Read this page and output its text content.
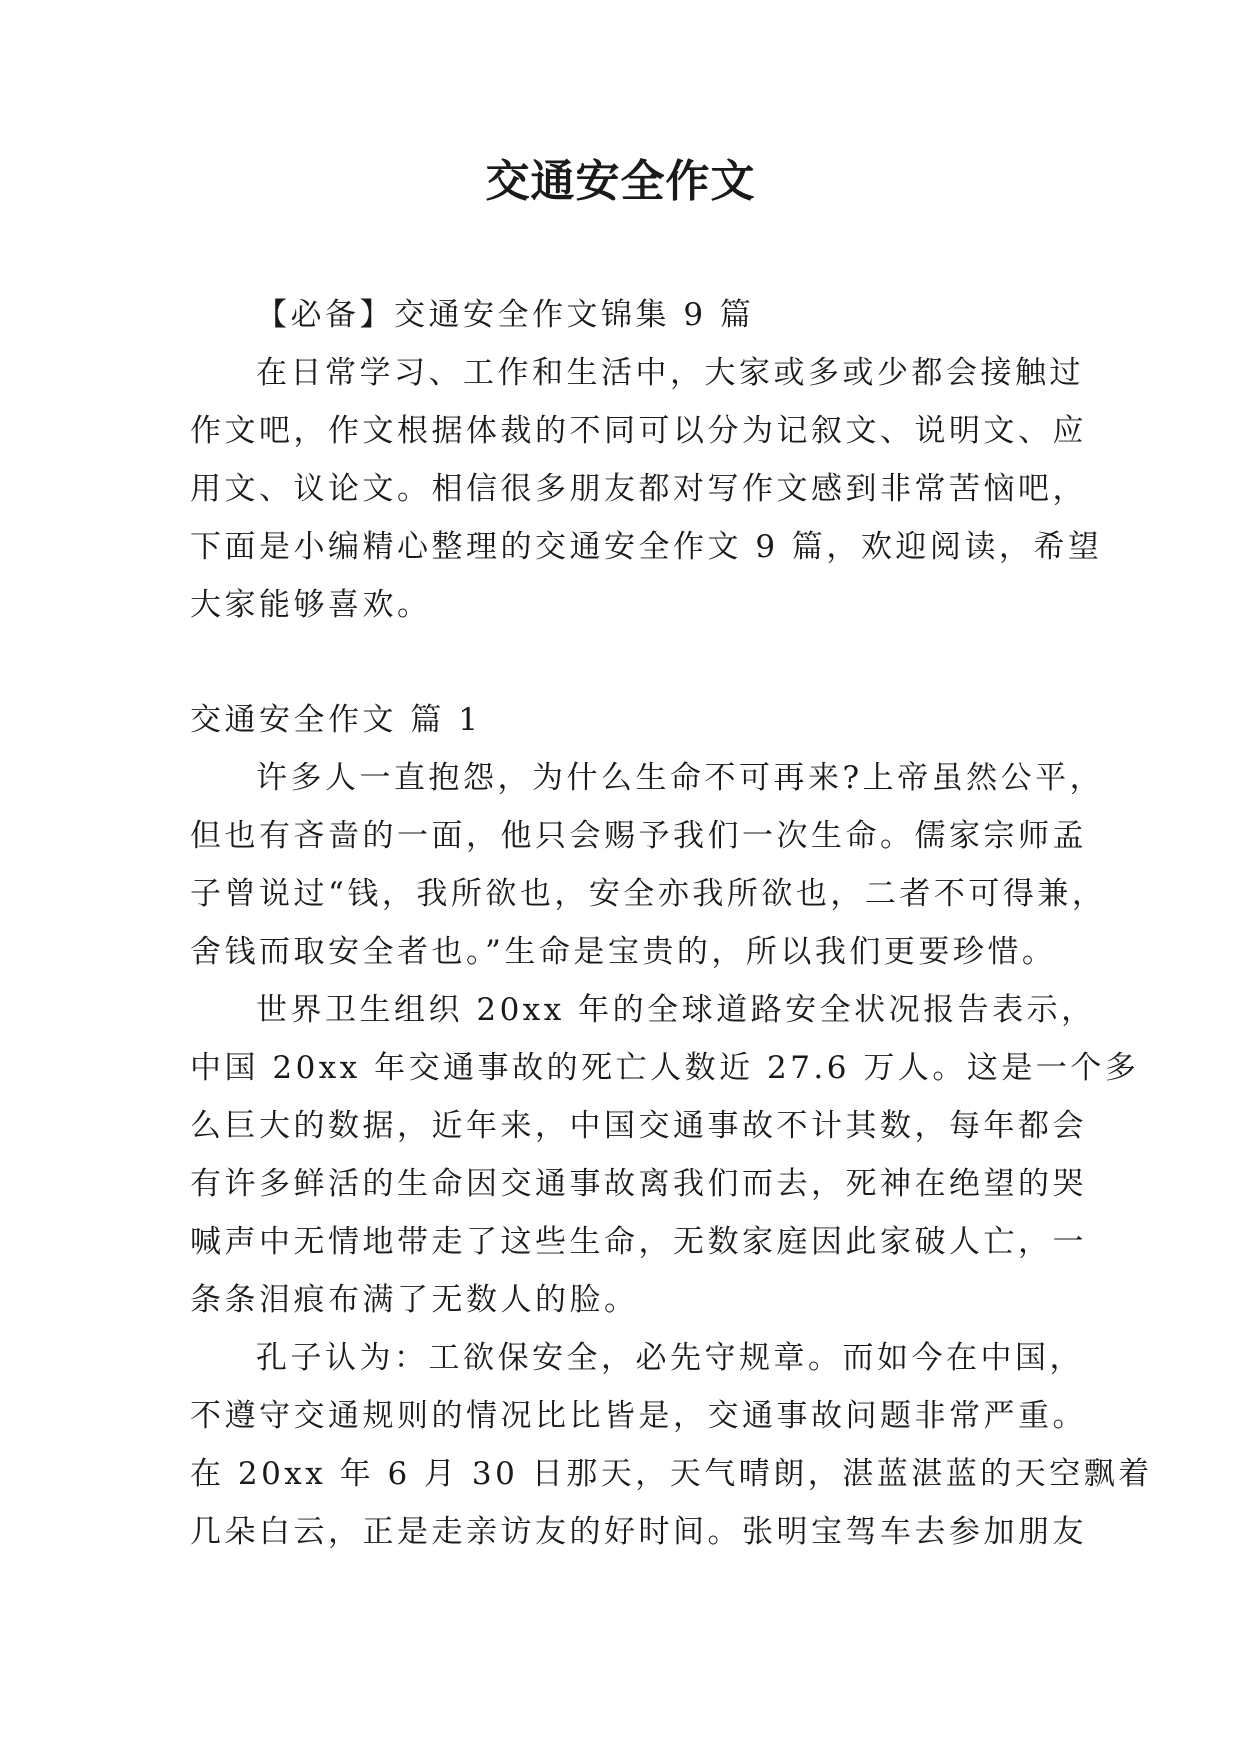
交通安全作文
【必备】交通安全作文锦集 9 篇
在日常学习、工作和生活中，大家或多或少都会接触过
作文吧，作文根据体裁的不同可以分为记叙文、说明文、应
用文、议论文。相信很多朋友都对写作文感到非常苦恼吧，
下面是小编精心整理的交通安全作文 9 篇，欢迎阅读，希望
大家能够喜欢。
交通安全作文 篇 1
许多人一直抱怨，为什么生命不可再来?上帝虽然公平，
但也有吝啬的一面，他只会赐予我们一次生命。儒家宗师孟
子曾说过“钱，我所欲也，安全亦我所欲也，二者不可得兼，
舍钱而取安全者也。”生命是宝贵的，所以我们更要珍惜。
世界卫生组织 20xx 年的全球道路安全状况报告表示，
中国 20xx 年交通事故的死亡人数近 27.6 万人。这是一个多
么巨大的数据，近年来，中国交通事故不计其数，每年都会
有许多鲜活的生命因交通事故离我们而去，死神在绝望的哭
喊声中无情地带走了这些生命，无数家庭因此家破人亡，一
条条泪痕布满了无数人的脸。
孔子认为：工欲保安全，必先守规章。而如今在中国，
不遵守交通规则的情况比比皆是，交通事故问题非常严重。
在 20xx 年 6 月 30 日那天，天气晴朗，湛蓝湛蓝的天空飘着
几朵白云，正是走亲访友的好时间。张明宝驾车去参加朋友
